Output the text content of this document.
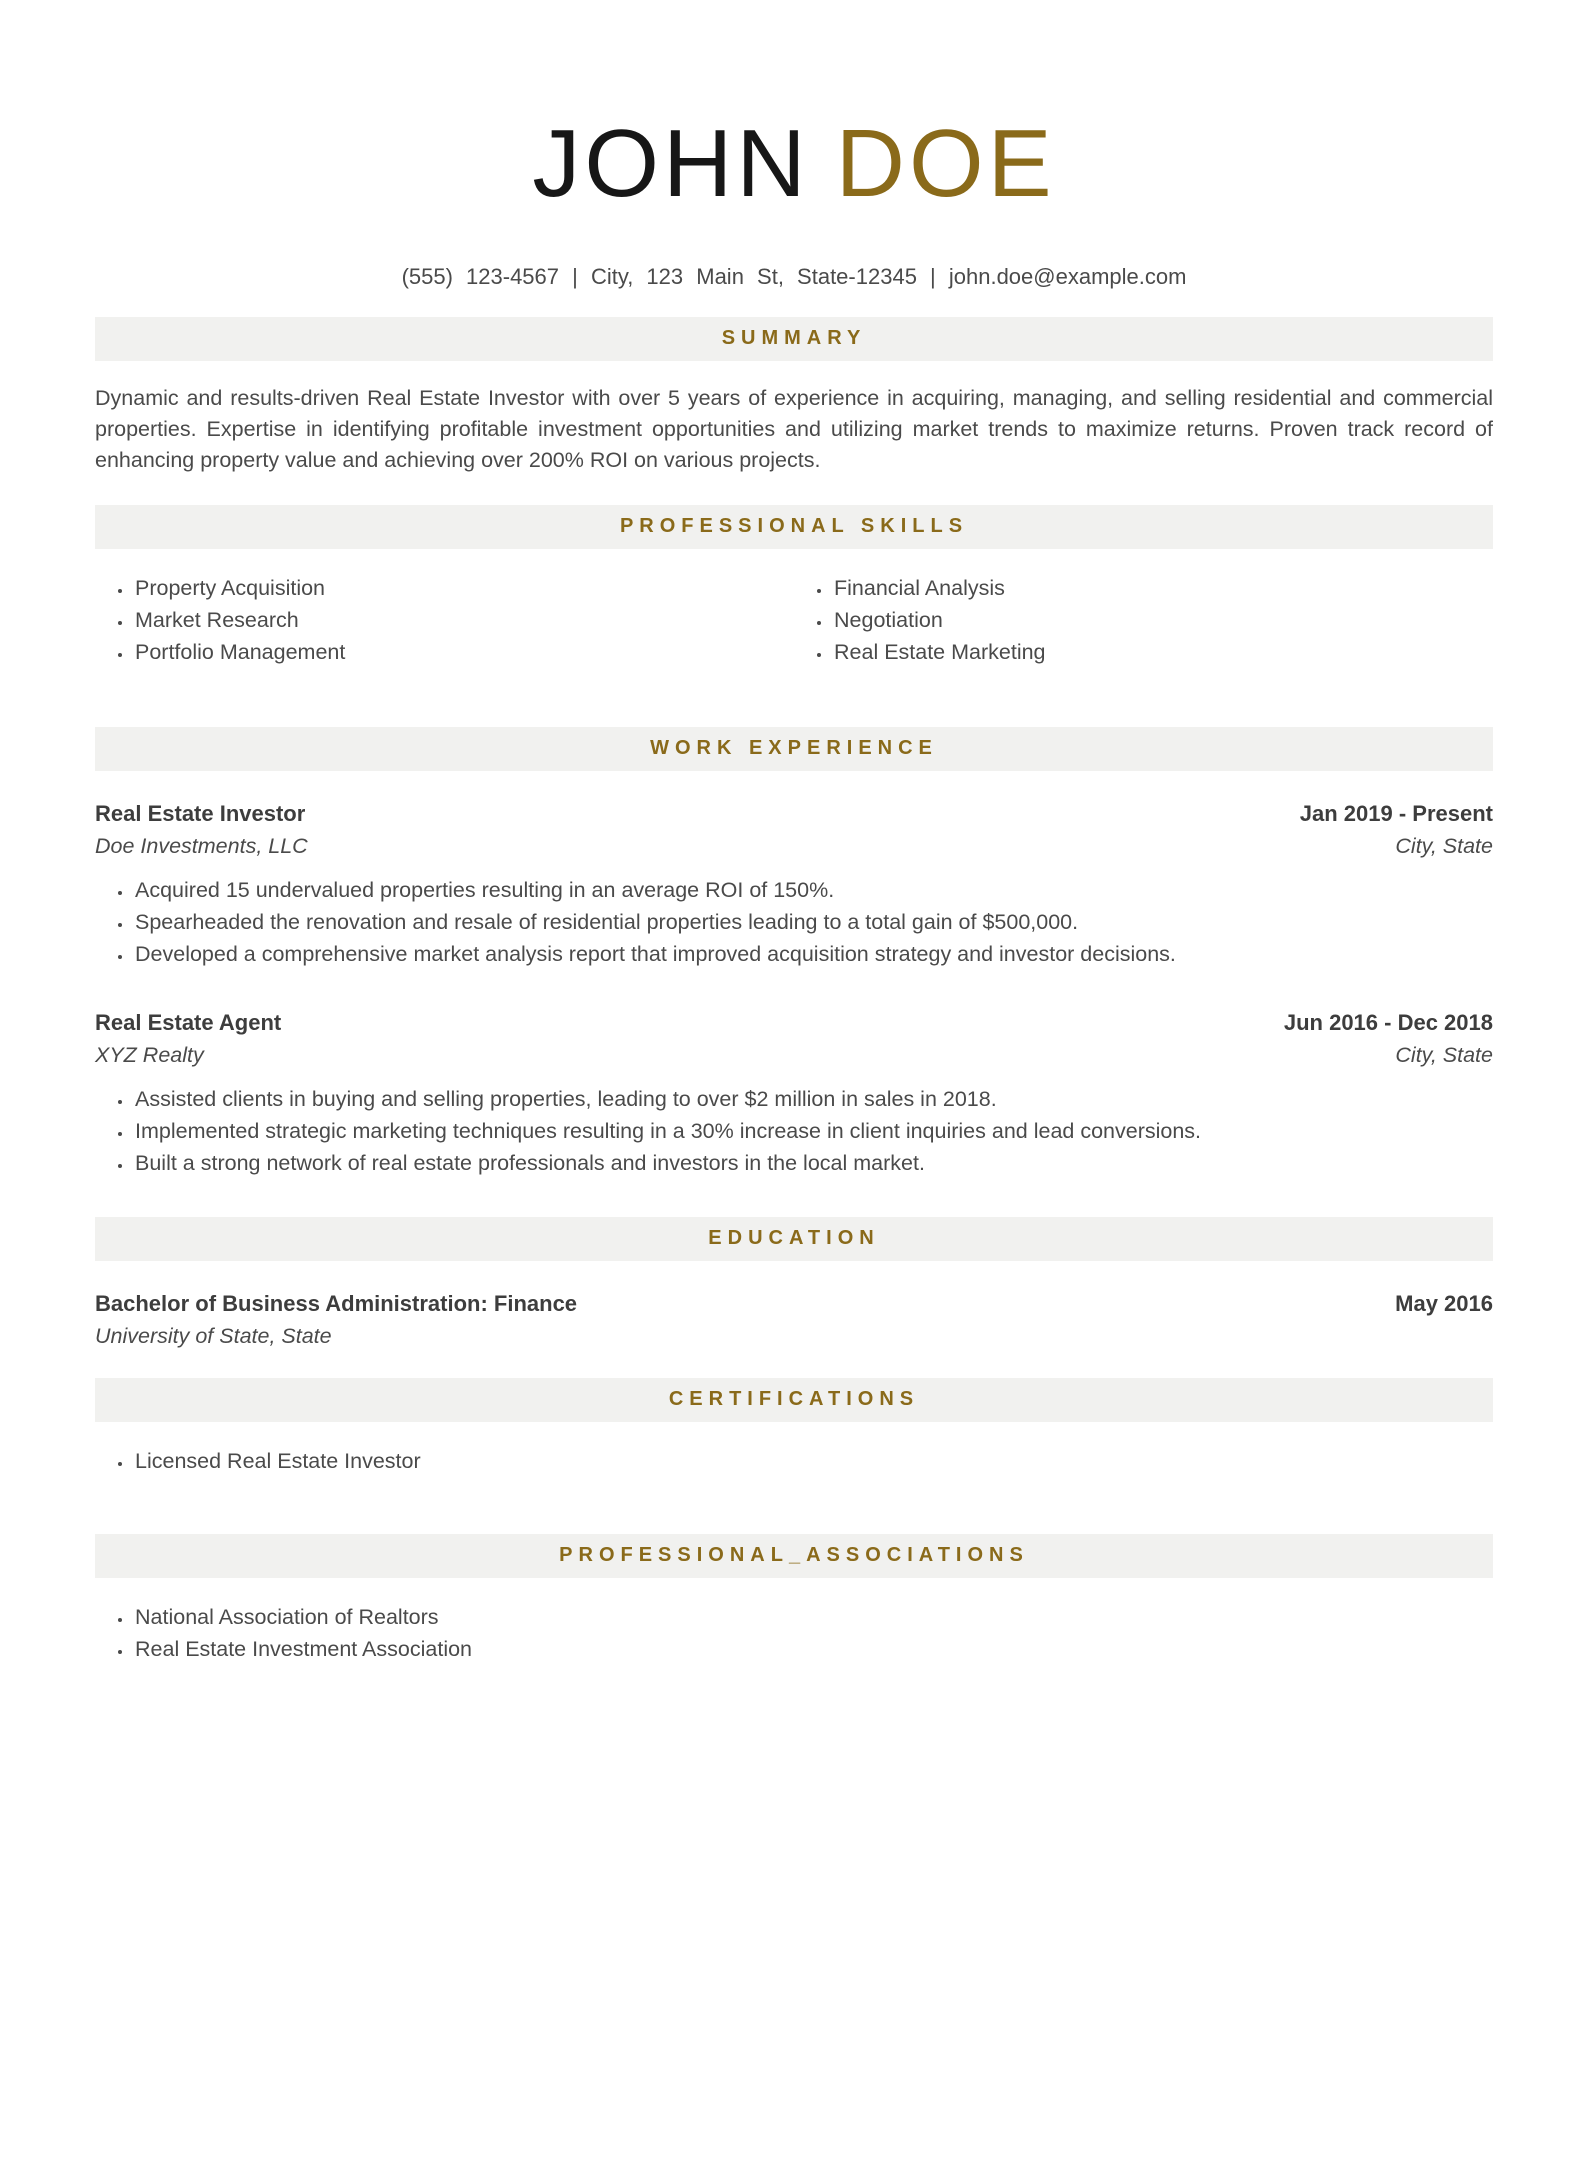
JOHN DOE
(555) 123-4567 | City, 123 Main St, State-12345 | john.doe@example.com
SUMMARY
Dynamic and results-driven Real Estate Investor with over 5 years of experience in acquiring, managing, and selling residential and commercial properties. Expertise in identifying profitable investment opportunities and utilizing market trends to maximize returns. Proven track record of enhancing property value and achieving over 200% ROI on various projects.
PROFESSIONAL SKILLS
• Property Acquisition
• Market Research
• Portfolio Management
• Financial Analysis
• Negotiation
• Real Estate Marketing
WORK EXPERIENCE
Real Estate Investor	Jan 2019 - Present
Doe Investments, LLC	City, State
• Acquired 15 undervalued properties resulting in an average ROI of 150%.
• Spearheaded the renovation and resale of residential properties leading to a total gain of $500,000.
• Developed a comprehensive market analysis report that improved acquisition strategy and investor decisions.
Real Estate Agent	Jun 2016 - Dec 2018
XYZ Realty	City, State
• Assisted clients in buying and selling properties, leading to over $2 million in sales in 2018.
• Implemented strategic marketing techniques resulting in a 30% increase in client inquiries and lead conversions.
• Built a strong network of real estate professionals and investors in the local market.
EDUCATION
Bachelor of Business Administration: Finance	May 2016
University of State, State
CERTIFICATIONS
• Licensed Real Estate Investor
PROFESSIONAL_ASSOCIATIONS
• National Association of Realtors
• Real Estate Investment Association
